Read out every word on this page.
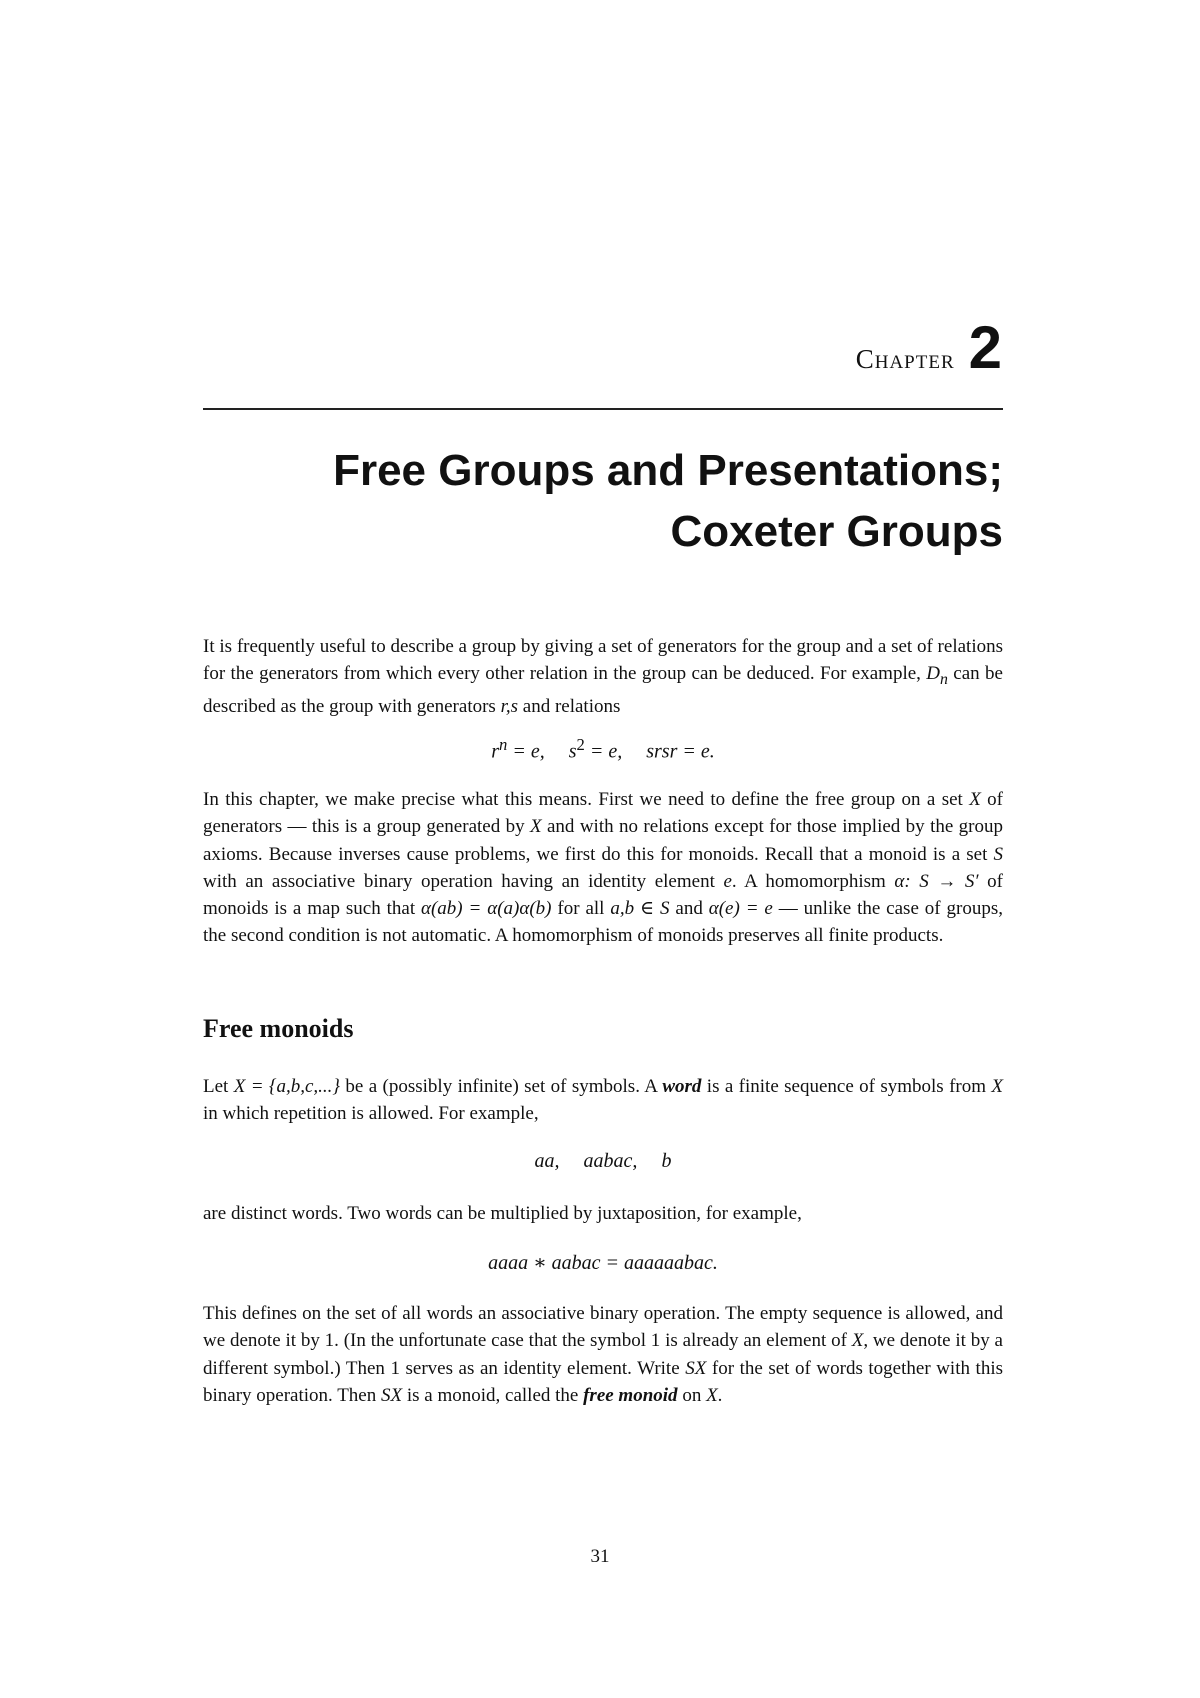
Chapter 2
Free Groups and Presentations;
Coxeter Groups

It is frequently useful to describe a group by giving a set of generators for the group and a set of relations for the generators from which every other relation in the group can be deduced. For example, $D_n$ can be described as the group with generators r,s and relations

$r^n = e$, $s^2 = e$, srsr = e.

In this chapter, we make precise what this means. First we need to define the free group on a set X of generators — this is a group generated by X and with no relations except for those implied by the group axioms. Because inverses cause problems, we first do this for monoids. Recall that a monoid is a set S with an associative binary operation having an identity element e. A homomorphism α: S → S′ of monoids is a map such that α(ab) = α(a)α(b) for all a,b ∈ S and α(e) = e — unlike the case of groups, the second condition is not automatic. A homomorphism of monoids preserves all finite products.

Free monoids

Let X = {a,b,c,...} be a (possibly infinite) set of symbols. A word is a finite sequence of symbols from X in which repetition is allowed. For example,

aa, aabac, b

are distinct words. Two words can be multiplied by juxtaposition, for example,

aaaa ∗ aabac = aaaaaabac.

This defines on the set of all words an associative binary operation. The empty sequence is allowed, and we denote it by 1. (In the unfortunate case that the symbol 1 is already an element of X, we denote it by a different symbol.) Then 1 serves as an identity element. Write SX for the set of words together with this binary operation. Then SX is a monoid, called the free monoid on X.

31
